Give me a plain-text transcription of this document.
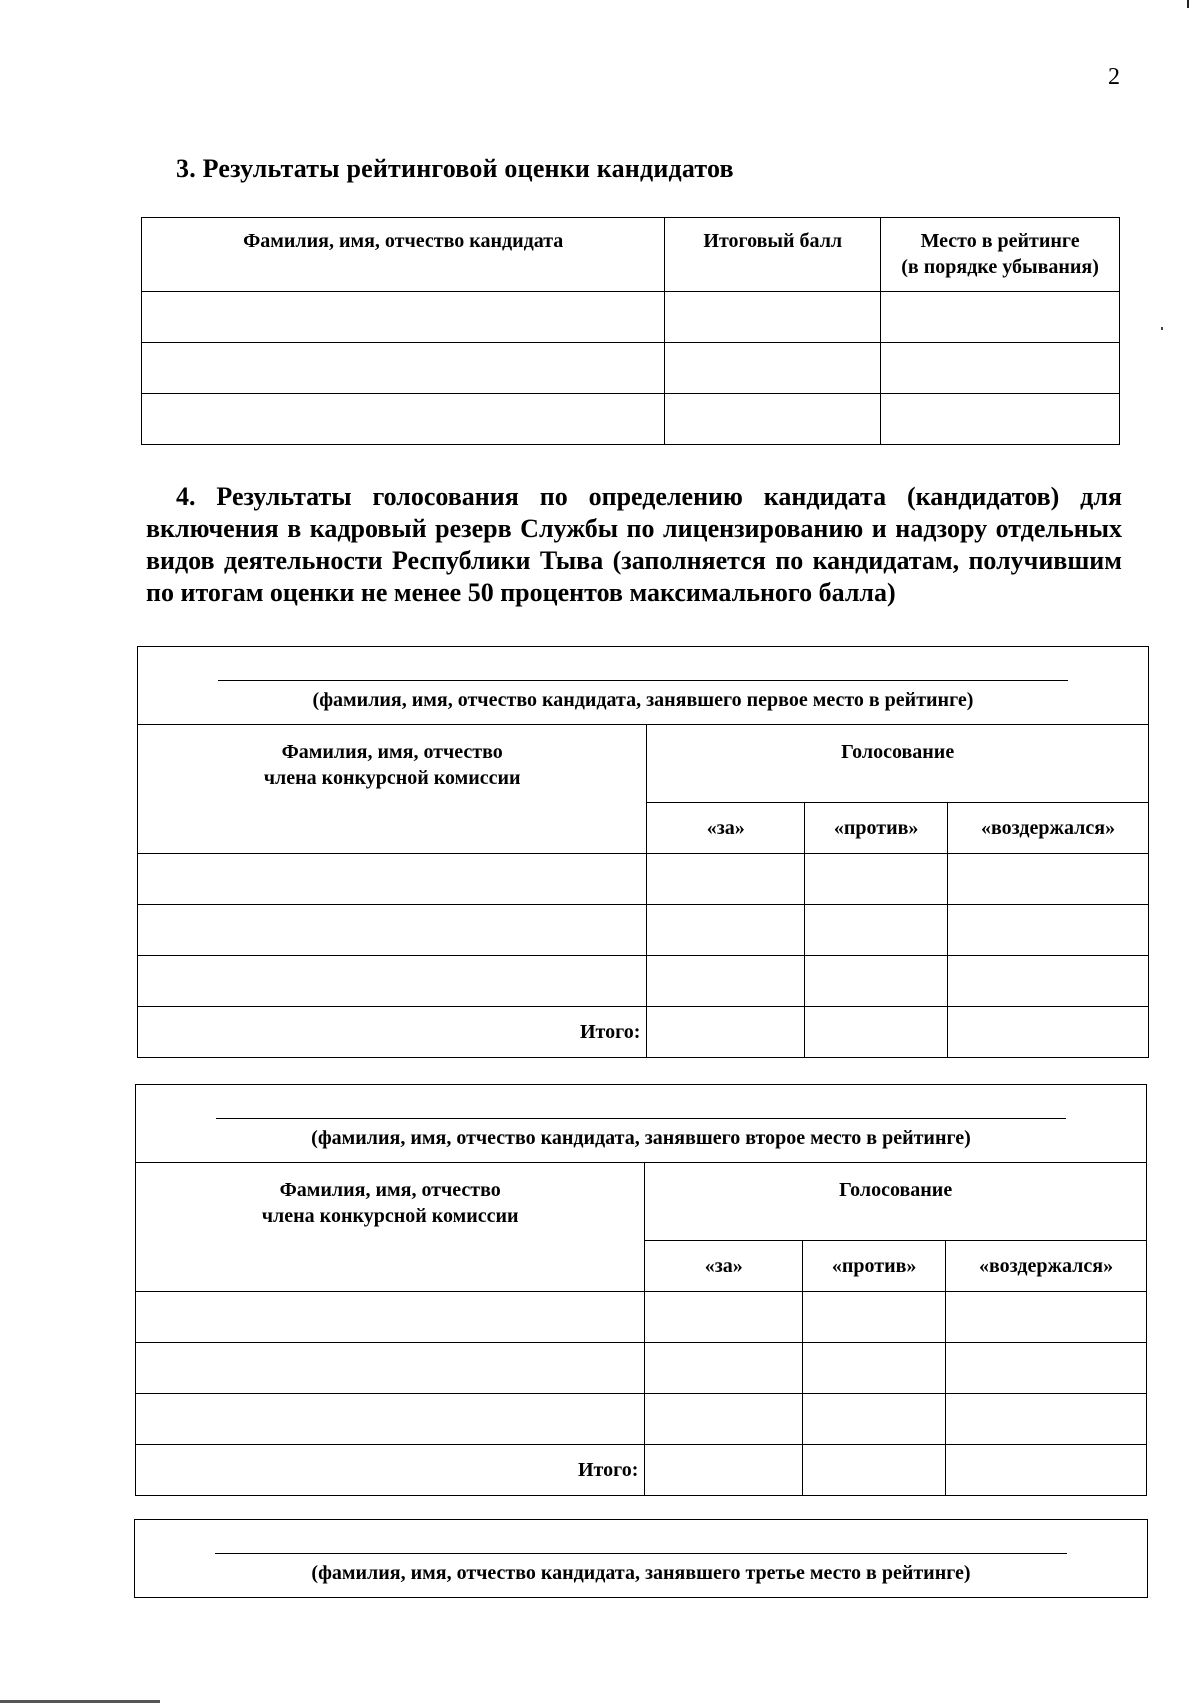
2
3. Результаты рейтинговой оценки кандидатов
Фамилия, имя, отчество кандидата	Итоговый балл	Место в рейтинге
(в порядке убывания)

4. Результаты голосования по определению кандидата (кандидатов) для включения в кадровый резерв Службы по лицензированию и надзору отдельных видов деятельности Республики Тыва (заполняется по кандидатам, получившим по итогам оценки не менее 50 процентов максимального балла)
(фамилия, имя, отчество кандидата, занявшего первое место в рейтинге)			

Фамилия, имя, отчество
члена конкурсной комиссии	Голосование		
	«за»	«против»	«воздержался»

Итого:			
(фамилия, имя, отчество кандидата, занявшего второе место в рейтинге)			

Фамилия, имя, отчество
члена конкурсной комиссии	Голосование		
	«за»	«против»	«воздержался»

Итого:			
(фамилия, имя, отчество кандидата, занявшего третье место в рейтинге)
